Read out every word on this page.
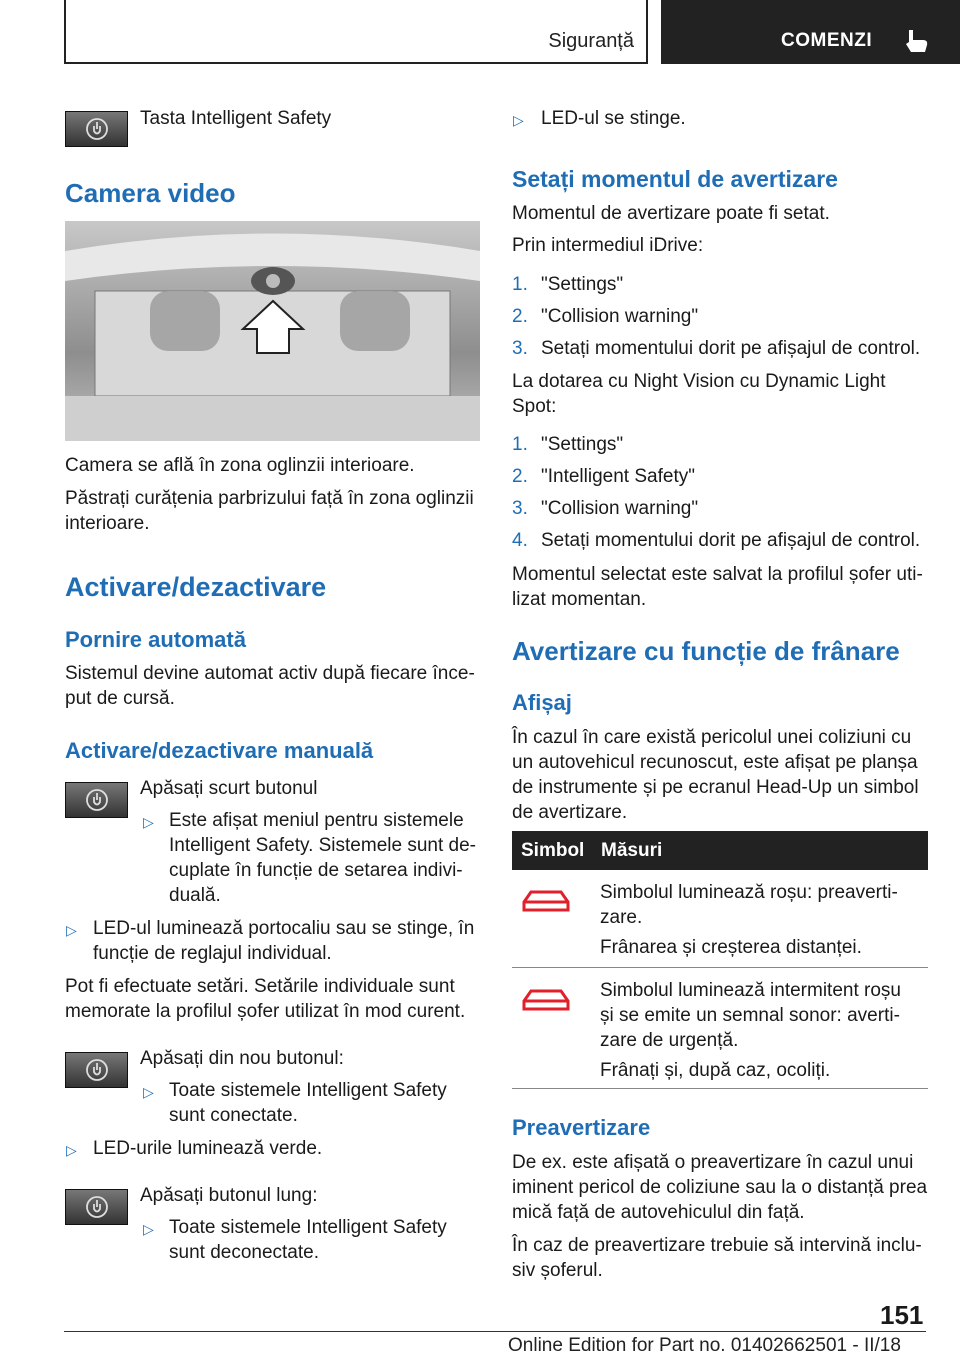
Siguranță	COMENZI
Tasta Intelligent Safety
Camera video
Camera se află în zona oglinzii interioare.
Păstrați curățenia parbrizului față în zona oglinzii
interioare.
Activare/dezactivare
Pornire automată
Sistemul devine automat activ după fiecare înce-
put de cursă.
Activare/dezactivare manuală
Apăsați scurt butonul
▷ Este afișat meniul pentru sistemele
Intelligent Safety. Sistemele sunt de-
cuplate în funcție de setarea indivi-
duală.
▷ LED-ul luminează portocaliu sau se stinge, în
funcție de reglajul individual.
Pot fi efectuate setări. Setările individuale sunt
memorate la profilul șofer utilizat în mod curent.
Apăsați din nou butonul:
▷ Toate sistemele Intelligent Safety
sunt conectate.
▷ LED-urile luminează verde.
Apăsați butonul lung:
▷ Toate sistemele Intelligent Safety
sunt deconectate.
▷ LED-ul se stinge.
Setați momentul de avertizare
Momentul de avertizare poate fi setat.
Prin intermediul iDrive:
1. "Settings"
2. "Collision warning"
3. Setați momentului dorit pe afișajul de control.
La dotarea cu Night Vision cu Dynamic Light
Spot:
1. "Settings"
2. "Intelligent Safety"
3. "Collision warning"
4. Setați momentului dorit pe afișajul de control.
Momentul selectat este salvat la profilul șofer uti-
lizat momentan.
Avertizare cu funcție de frânare
Afișaj
În cazul în care există pericolul unei coliziuni cu
un autovehicul recunoscut, este afișat pe planșa
de instrumente și pe ecranul Head-Up un simbol
de avertizare.
Simbol Măsuri
Simbolul luminează roșu: preaverti-
zare.
Frânarea și creșterea distanței.
Simbolul luminează intermitent roșu
și se emite un semnal sonor: averti-
zare de urgență.
Frânați și, după caz, ocoliți.
Preavertizare
De ex. este afișată o preavertizare în cazul unui
iminent pericol de coliziune sau la o distanță prea
mică față de autovehiculul din față.
În caz de preavertizare trebuie să intervină inclu-
siv șoferul.
151
Online Edition for Part no. 01402662501 - II/18
